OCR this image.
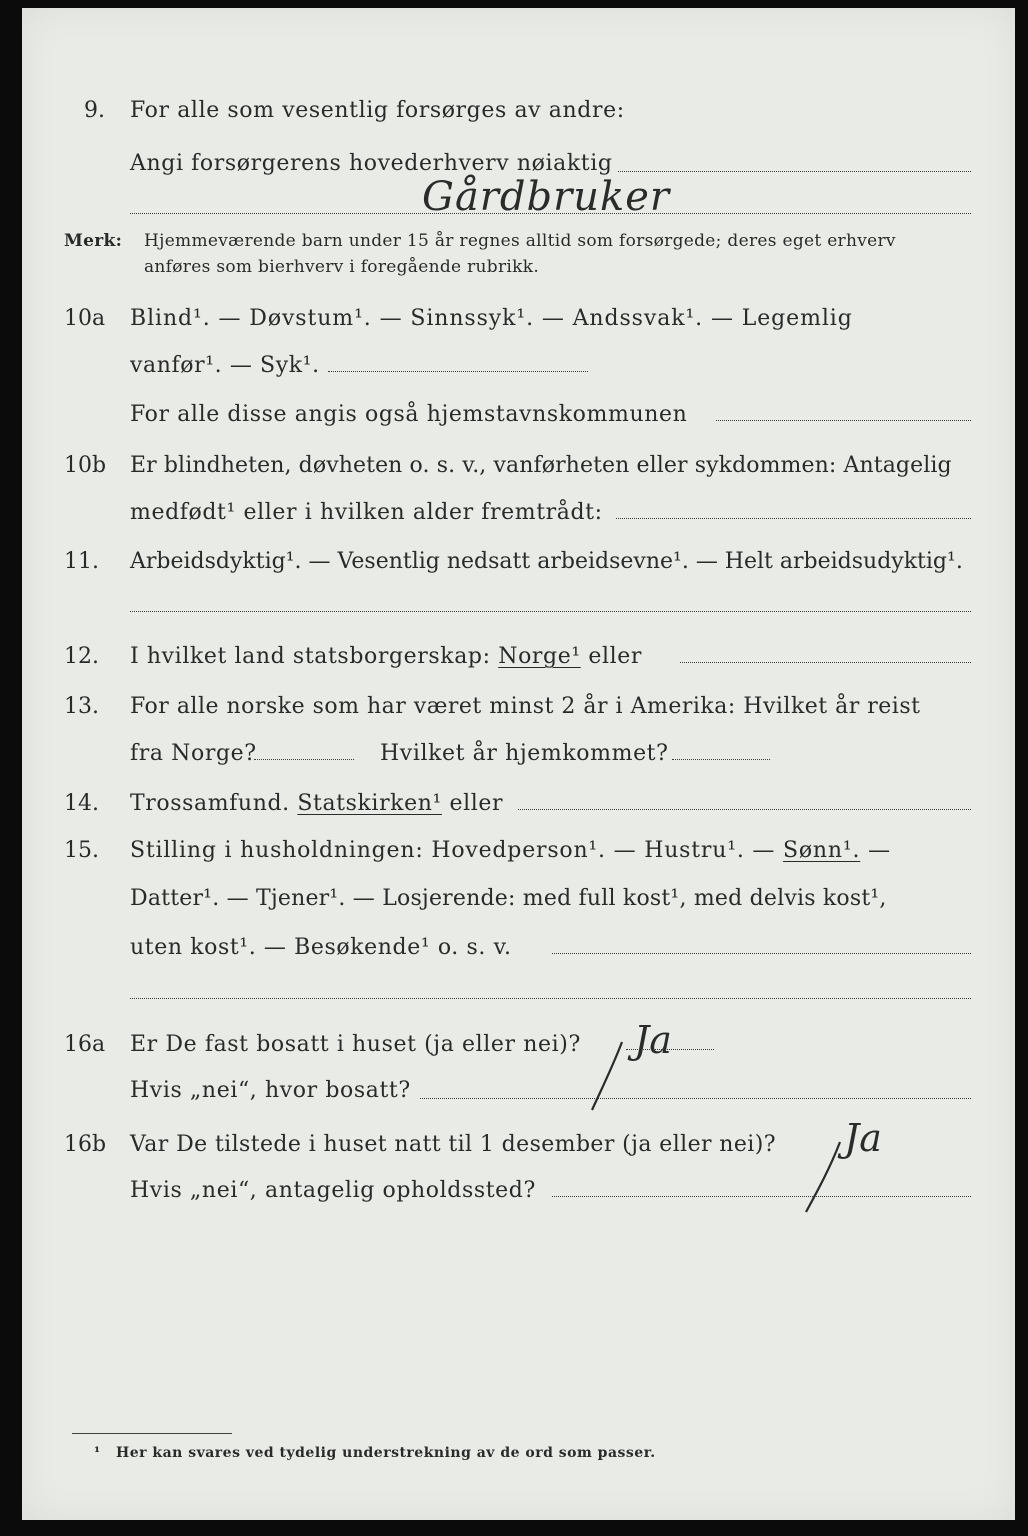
9. For alle som vesentlig forsørges av andre:
Angi forsørgerens hovederhverv nøiaktig
Gårdbruker
Merk: Hjemmeværende barn under 15 år regnes alltid som forsørgede; deres eget erhverv
anføres som bierhverv i foregående rubrikk.
10a Blind¹. — Døvstum¹. — Sinnssyk¹. — Andssvak¹. — Legemlig
vanfør¹. — Syk¹.
For alle disse angis også hjemstavnskommunen
10b Er blindheten, døvheten o. s. v., vanførheten eller sykdommen: Antagelig
medfødt¹ eller i hvilken alder fremtrådt:
11. Arbeidsdyktig¹. — Vesentlig nedsatt arbeidsevne¹. — Helt arbeidsudyktig¹.
12. I hvilket land statsborgerskap: Norge¹ eller
13. For alle norske som har været minst 2 år i Amerika: Hvilket år reist
fra Norge?	Hvilket år hjemkommet?
14. Trossamfund. Statskirken¹ eller
15. Stilling i husholdningen: Hovedperson¹. — Hustru¹. — Sønn¹. —
Datter¹. — Tjener¹. — Losjerende: med full kost¹, med delvis kost¹,
uten kost¹. — Besøkende¹ o. s. v.
16a Er De fast bosatt i huset (ja eller nei)? Ja
Hvis „nei“, hvor bosatt?
16b Var De tilstede i huset natt til 1 desember (ja eller nei)? Ja
Hvis „nei“, antagelig opholdssted?
¹ Her kan svares ved tydelig understrekning av de ord som passer.
